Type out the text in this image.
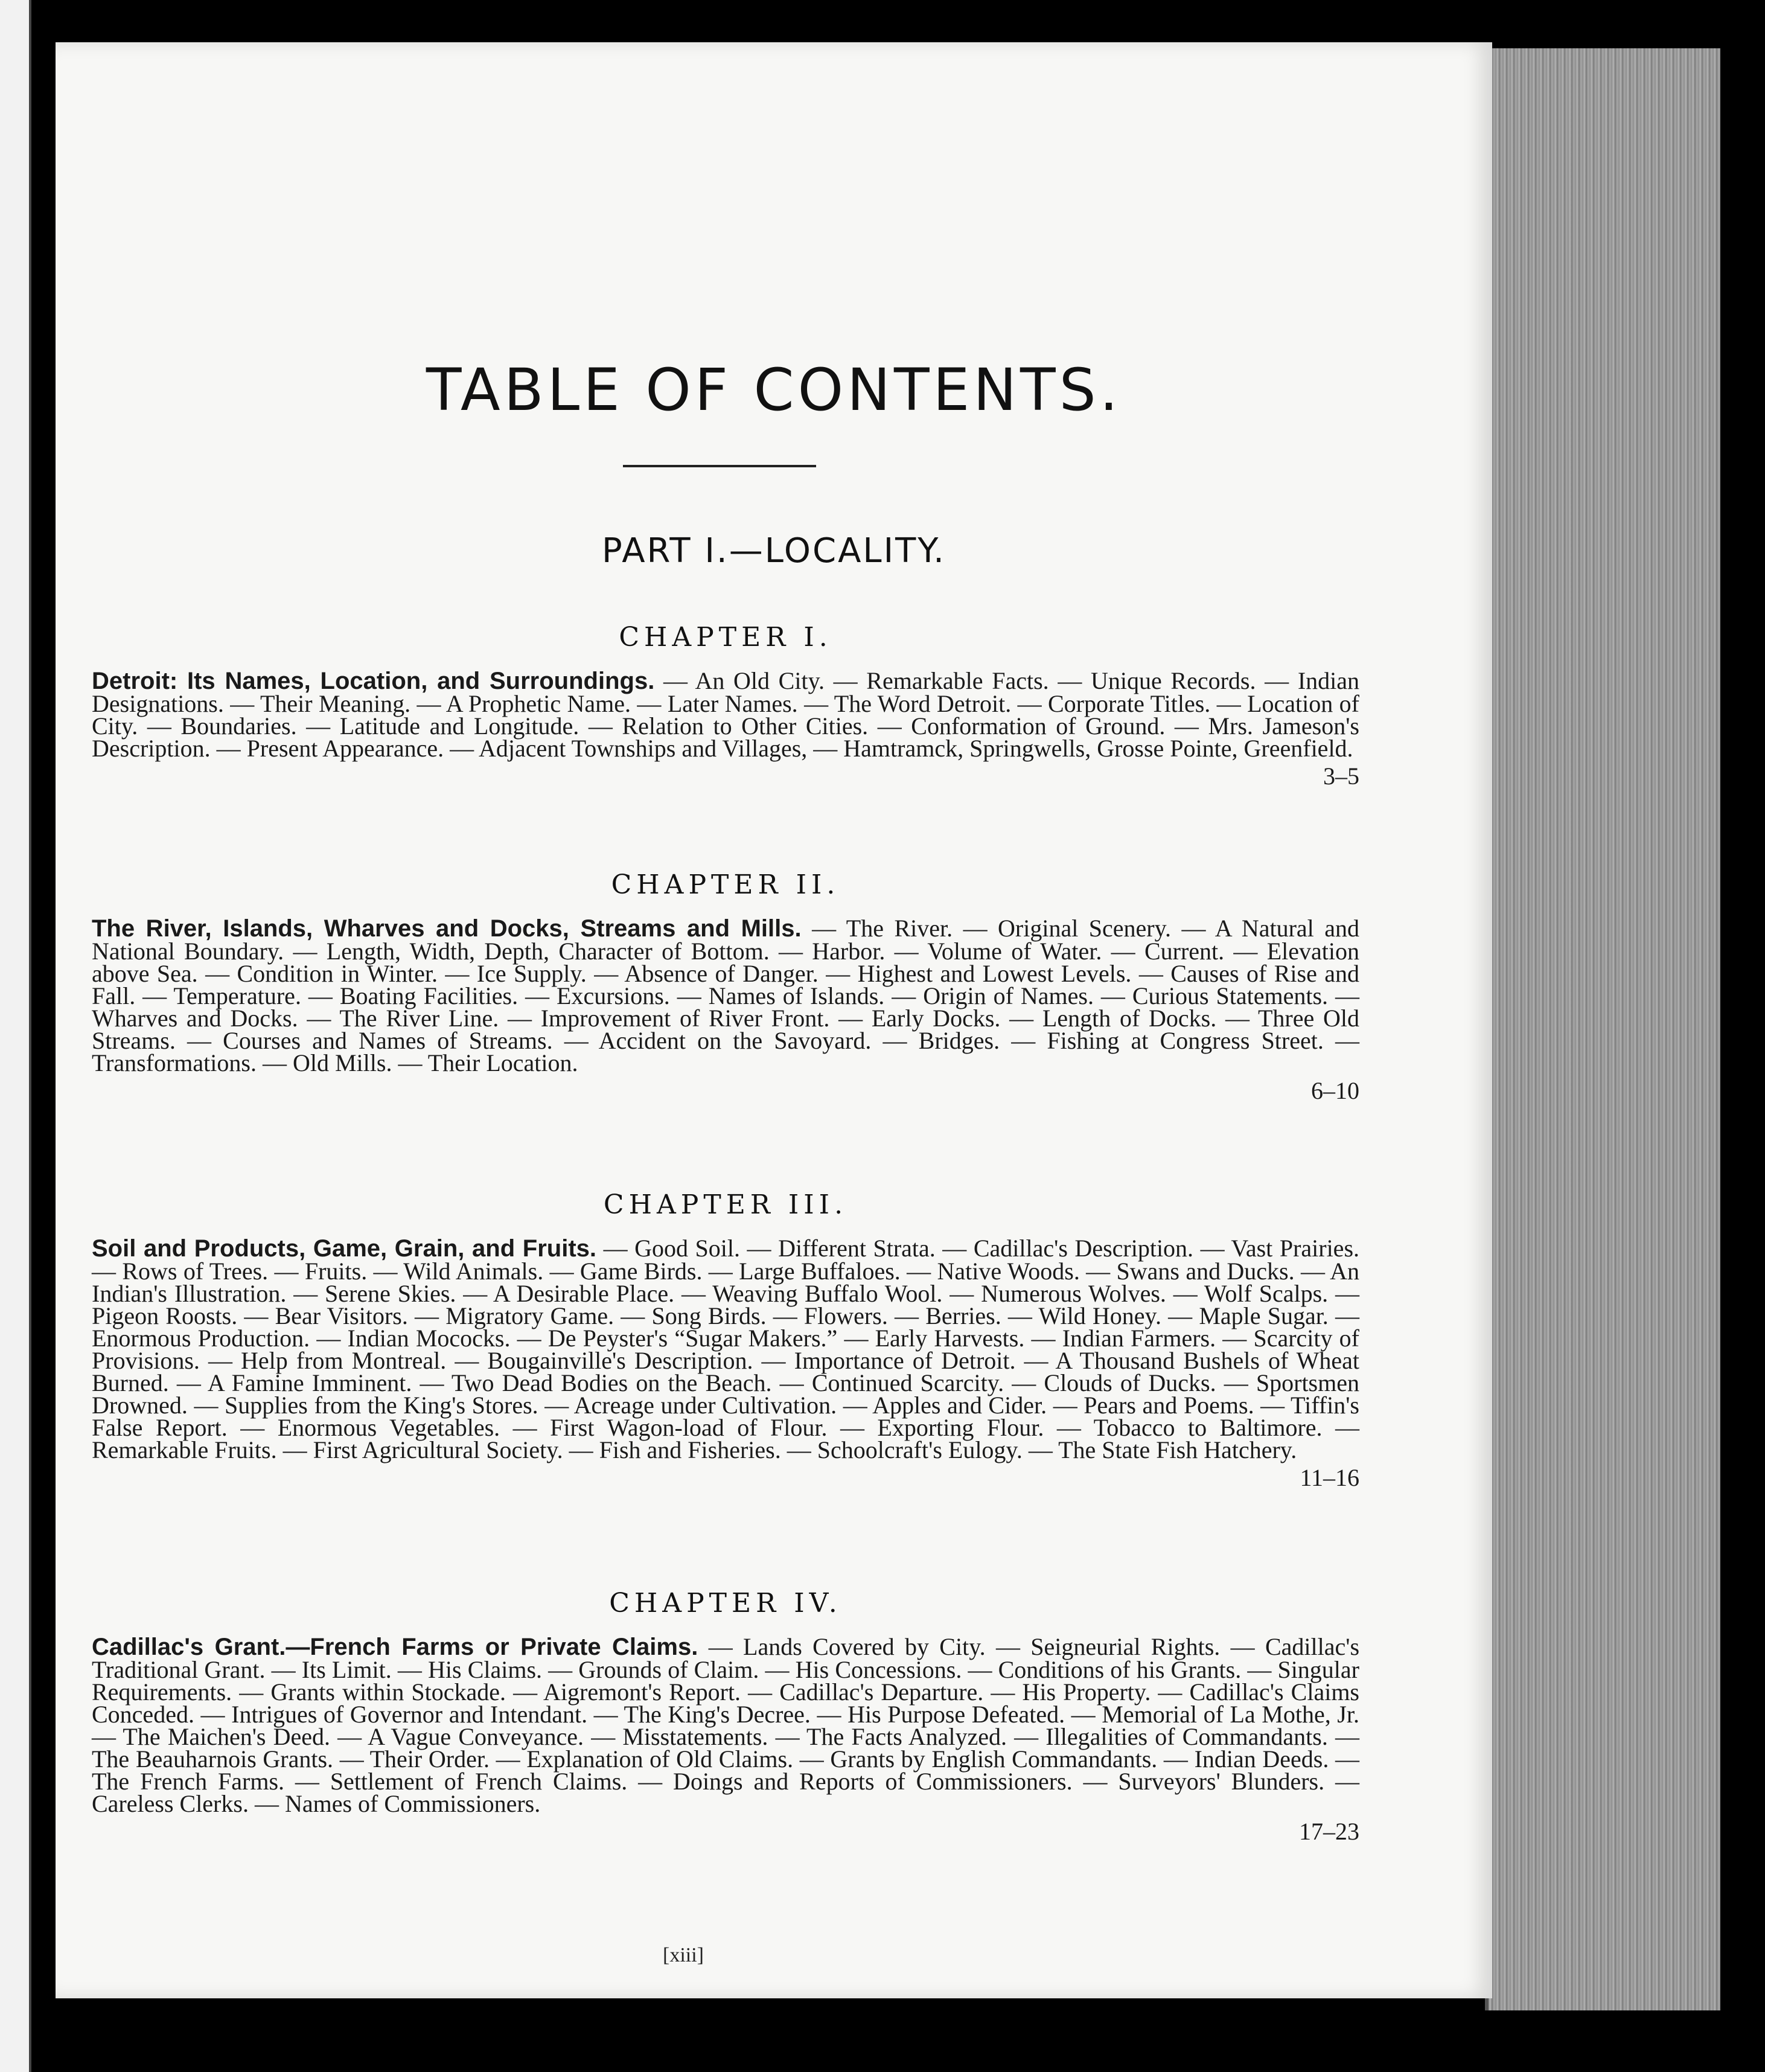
TABLE OF CONTENTS.
PART I.—LOCALITY.
CHAPTER I.
Detroit: Its Names, Location, and Surroundings. — An Old City. — Remarkable Facts. — Unique Records. — Indian Designations. — Their Meaning. — A Prophetic Name. — Later Names. — The Word Detroit. — Corporate Titles. — Location of City. — Boundaries. — Latitude and Longitude. — Relation to Other Cities. — Conformation of Ground. — Mrs. Jameson's Description. — Present Appearance. — Adjacent Townships and Villages, — Hamtramck, Springwells, Grosse Pointe, Greenfield.
3–5
CHAPTER II.
The River, Islands, Wharves and Docks, Streams and Mills. — The River. — Original Scenery. — A Natural and National Boundary. — Length, Width, Depth, Character of Bottom. — Harbor. — Volume of Water. — Current. — Elevation above Sea. — Condition in Winter. — Ice Supply. — Absence of Danger. — Highest and Lowest Levels. — Causes of Rise and Fall. — Temperature. — Boating Facilities. — Excursions. — Names of Islands. — Origin of Names. — Curious Statements. — Wharves and Docks. — The River Line. — Improvement of River Front. — Early Docks. — Length of Docks. — Three Old Streams. — Courses and Names of Streams. — Accident on the Savoyard. — Bridges. — Fishing at Congress Street. — Transformations. — Old Mills. — Their Location.
6–10
CHAPTER III.
Soil and Products, Game, Grain, and Fruits. — Good Soil. — Different Strata. — Cadillac's Description. — Vast Prairies. — Rows of Trees. — Fruits. — Wild Animals. — Game Birds. — Large Buffaloes. — Native Woods. — Swans and Ducks. — An Indian's Illustration. — Serene Skies. — A Desirable Place. — Weaving Buffalo Wool. — Numerous Wolves. — Wolf Scalps. — Pigeon Roosts. — Bear Visitors. — Migratory Game. — Song Birds. — Flowers. — Berries. — Wild Honey. — Maple Sugar. — Enormous Production. — Indian Mococks. — De Peyster's “Sugar Makers.” — Early Harvests. — Indian Farmers. — Scarcity of Provisions. — Help from Montreal. — Bougainville's Description. — Importance of Detroit. — A Thousand Bushels of Wheat Burned. — A Famine Imminent. — Two Dead Bodies on the Beach. — Continued Scarcity. — Clouds of Ducks. — Sportsmen Drowned. — Supplies from the King's Stores. — Acreage under Cultivation. — Apples and Cider. — Pears and Poems. — Tiffin's False Report. — Enormous Vegetables. — First Wagon-load of Flour. — Exporting Flour. — Tobacco to Baltimore. — Remarkable Fruits. — First Agricultural Society. — Fish and Fisheries. — Schoolcraft's Eulogy. — The State Fish Hatchery.
11–16
CHAPTER IV.
Cadillac's Grant.—French Farms or Private Claims. — Lands Covered by City. — Seigneurial Rights. — Cadillac's Traditional Grant. — Its Limit. — His Claims. — Grounds of Claim. — His Concessions. — Conditions of his Grants. — Singular Requirements. — Grants within Stockade. — Aigremont's Report. — Cadillac's Departure. — His Property. — Cadillac's Claims Conceded. — Intrigues of Governor and Intendant. — The King's Decree. — His Purpose Defeated. — Memorial of La Mothe, Jr. — The Maichen's Deed. — A Vague Conveyance. — Misstatements. — The Facts Analyzed. — Illegalities of Commandants. — The Beauharnois Grants. — Their Order. — Explanation of Old Claims. — Grants by English Commandants. — Indian Deeds. — The French Farms. — Settlement of French Claims. — Doings and Reports of Commissioners. — Surveyors' Blunders. — Careless Clerks. — Names of Commissioners.
17–23
[xiii]
